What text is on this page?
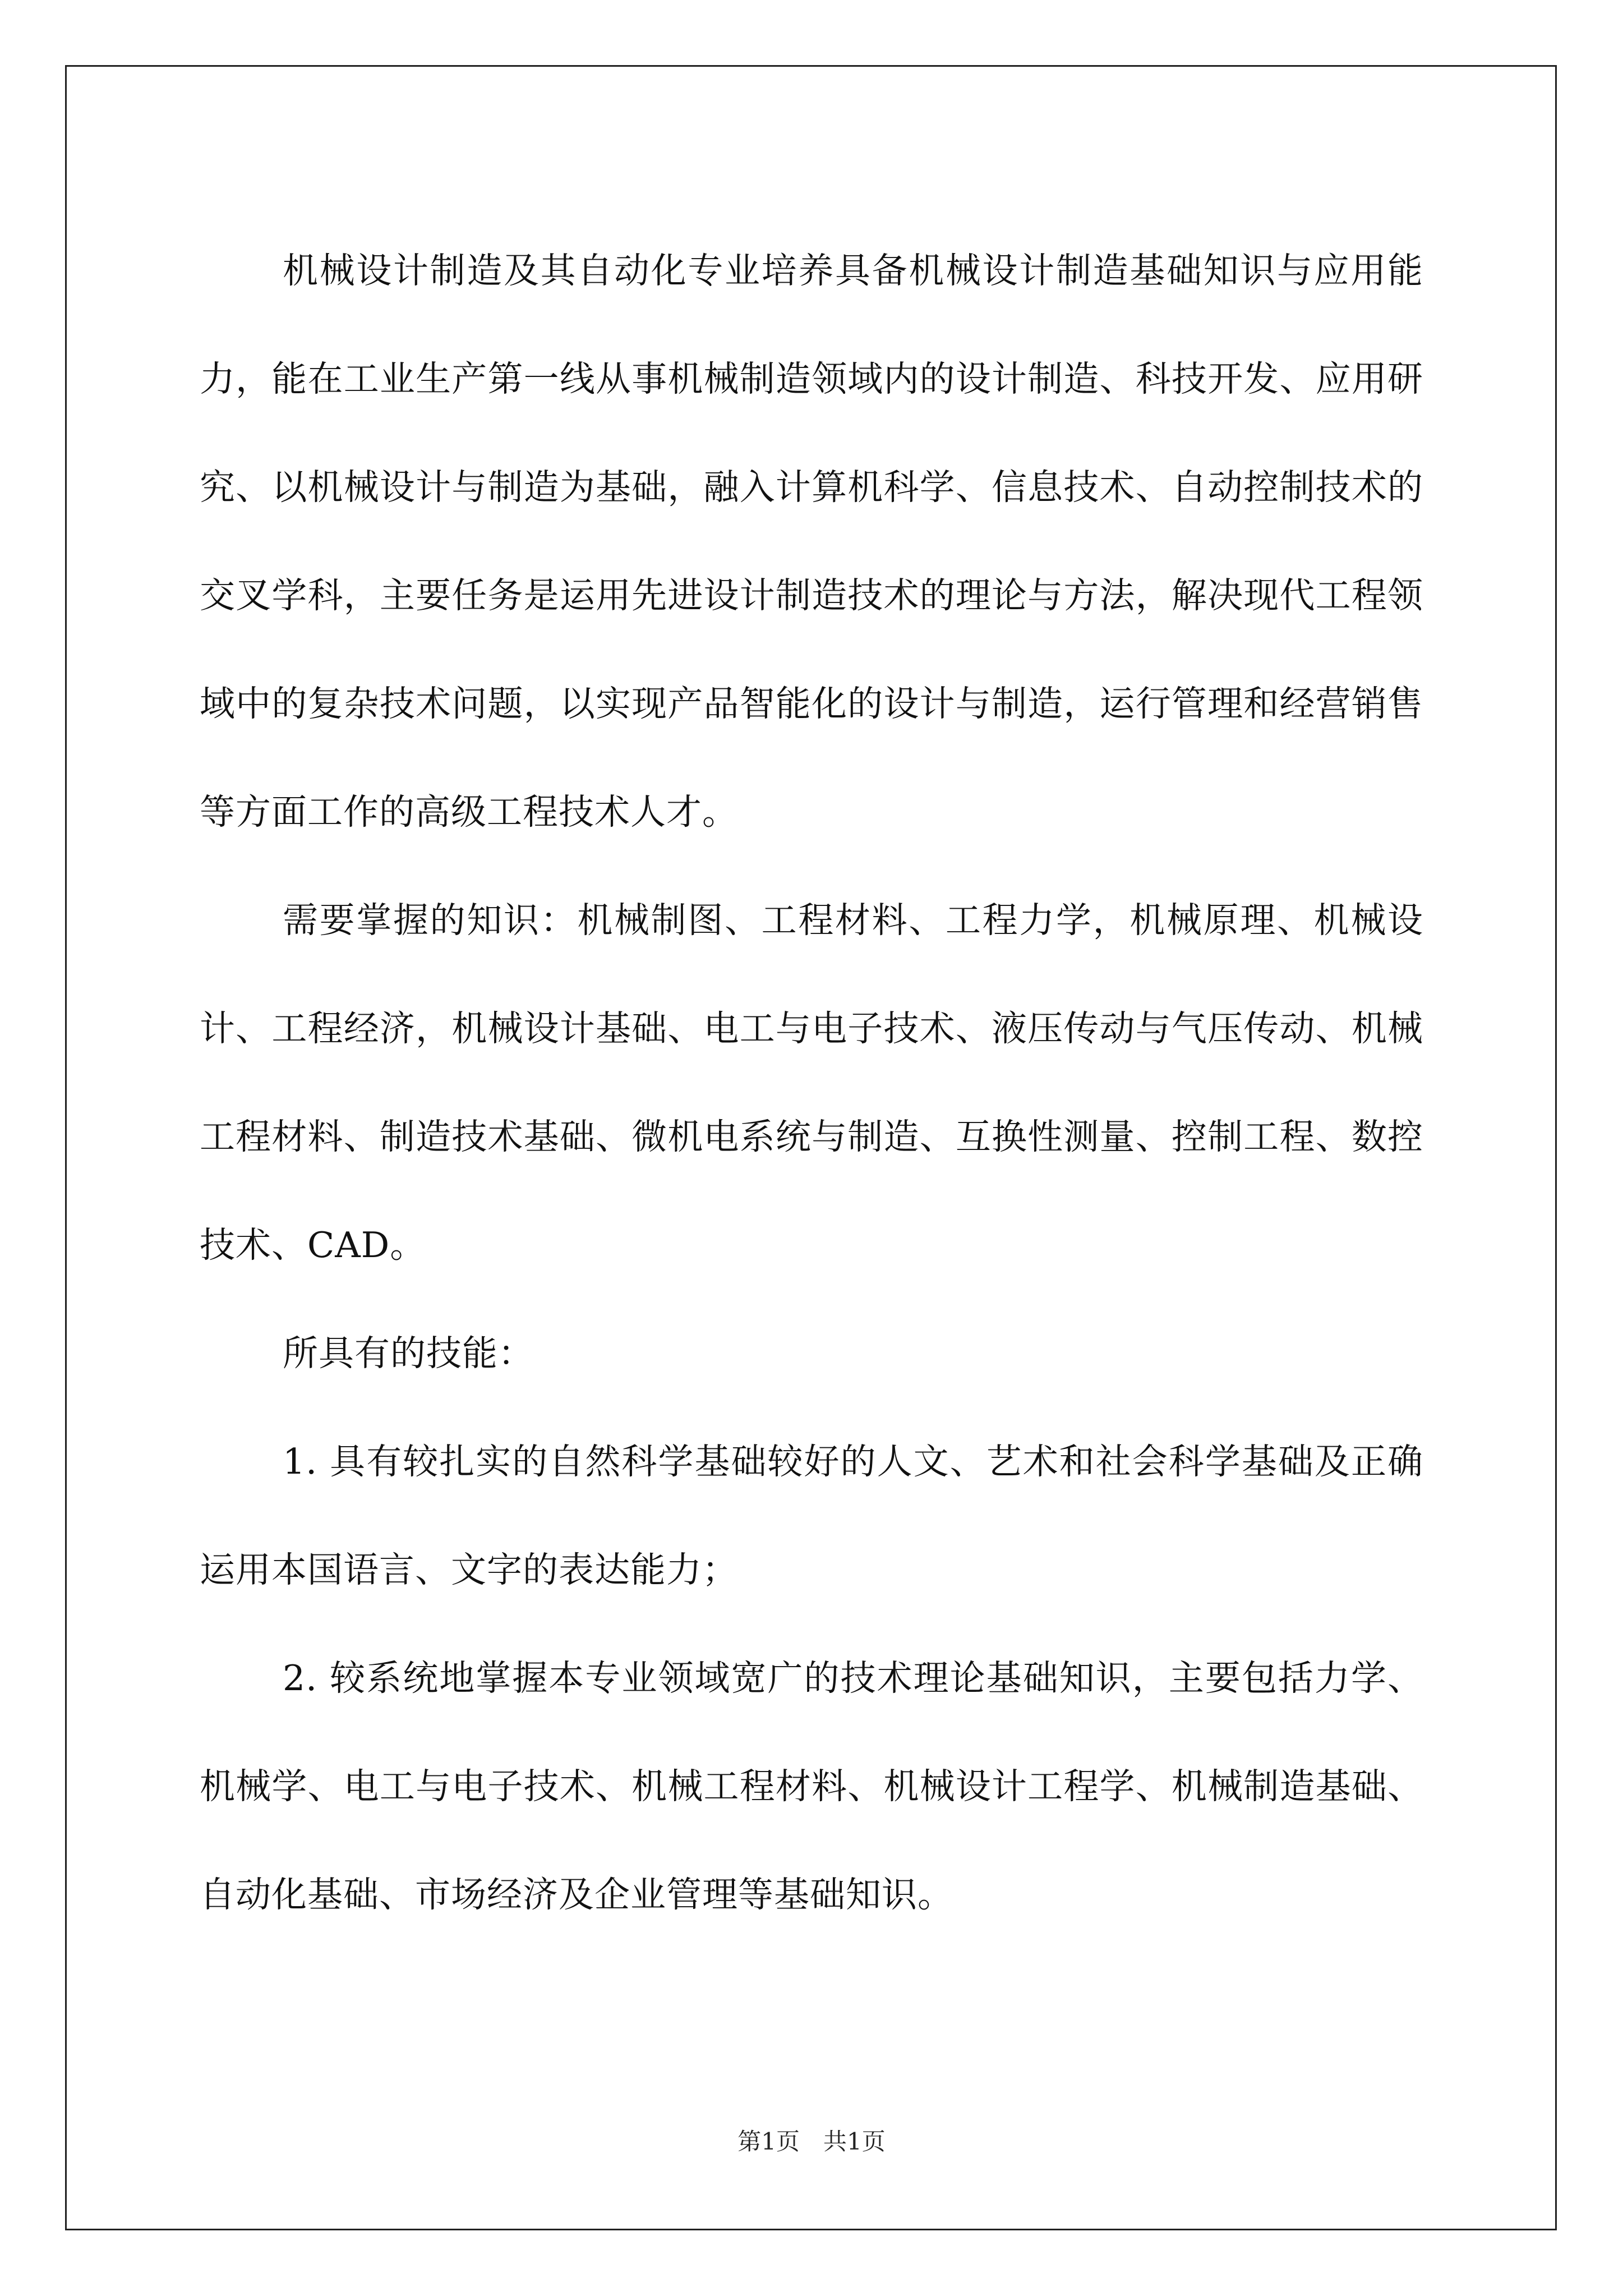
机械设计制造及其自动化专业培养具备机械设计制造基础知识与应用能力，能在工业生产第一线从事机械制造领域内的设计制造、科技开发、应用研究、以机械设计与制造为基础，融入计算机科学、信息技术、自动控制技术的交叉学科，主要任务是运用先进设计制造技术的理论与方法，解决现代工程领域中的复杂技术问题，以实现产品智能化的设计与制造，运行管理和经营销售等方面工作的高级工程技术人才。

需要掌握的知识：机械制图、工程材料、工程力学，机械原理、机械设计、工程经济，机械设计基础、电工与电子技术、液压传动与气压传动、机械工程材料、制造技术基础、微机电系统与制造、互换性测量、控制工程、数控技术、CAD。

所具有的技能：

1. 具有较扎实的自然科学基础较好的人文、艺术和社会科学基础及正确运用本国语言、文字的表达能力；

2. 较系统地掌握本专业领域宽广的技术理论基础知识，主要包括力学、机械学、电工与电子技术、机械工程材料、机械设计工程学、机械制造基础、自动化基础、市场经济及企业管理等基础知识。

第1页　共1页
